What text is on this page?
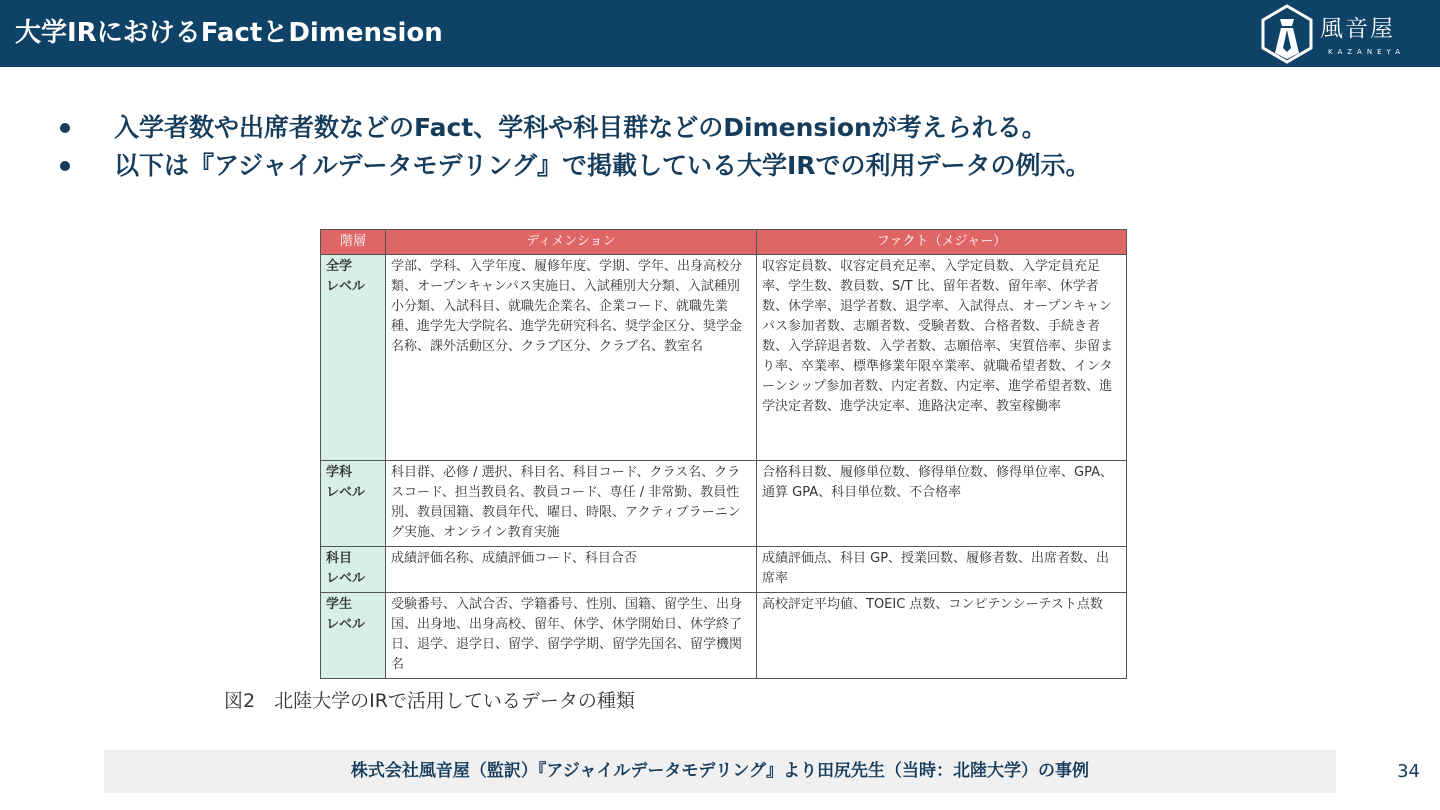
大学IRにおけるFactとDimension	風音屋
KAZANEYA
入学者数や出席者数などのFact、学科や科目群などのDimensionが考えられる。
以下は『アジャイルデータモデリング』で掲載している大学IRでの利用データの例示。
階層	ディメンション	ファクト（メジャー）
全学
レベル	学部、学科、入学年度、履修年度、学期、学年、出身高校分類、オープンキャンパス実施日、入試種別大分類、入試種別小分類、入試科目、就職先企業名、企業コード、就職先業種、進学先大学院名、進学先研究科名、奨学金区分、奨学金名称、課外活動区分、クラブ区分、クラブ名、教室名	収容定員数、収容定員充足率、入学定員数、入学定員充足率、学生数、教員数、S/T 比、留年者数、留年率、休学者数、休学率、退学者数、退学率、入試得点、オープンキャンパス参加者数、志願者数、受験者数、合格者数、手続き者数、入学辞退者数、入学者数、志願倍率、実質倍率、歩留まり率、卒業率、標準修業年限卒業率、就職希望者数、インターンシップ参加者数、内定者数、内定率、進学希望者数、進学決定者数、進学決定率、進路決定率、教室稼働率
学科
レベル	科目群、必修 / 選択、科目名、科目コード、クラス名、クラスコード、担当教員名、教員コード、専任 / 非常勤、教員性別、教員国籍、教員年代、曜日、時限、アクティブラーニング実施、オンライン教育実施	合格科目数、履修単位数、修得単位数、修得単位率、GPA、通算 GPA、科目単位数、不合格率
科目
レベル	成績評価名称、成績評価コード、科目合否	成績評価点、科目 GP、授業回数、履修者数、出席者数、出席率
学生
レベル	受験番号、入試合否、学籍番号、性別、国籍、留学生、出身国、出身地、出身高校、留年、休学、休学開始日、休学終了日、退学、退学日、留学、留学学期、留学先国名、留学機関名	高校評定平均値、TOEIC 点数、コンピテンシーテスト点数
図2　北陸大学のIRで活用しているデータの種類
株式会社風音屋（監訳）『アジャイルデータモデリング』より田尻先生（当時：北陸大学）の事例	34
